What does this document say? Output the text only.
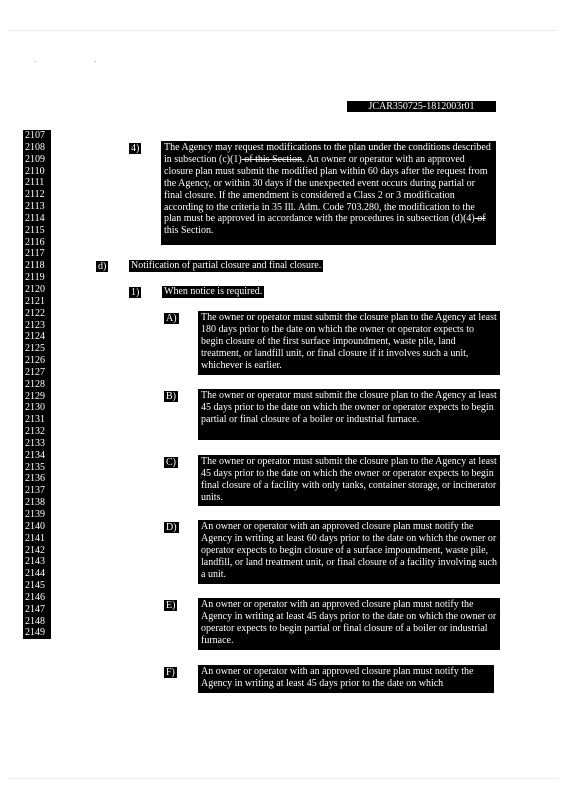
· ·
JCAR350725-1812003r01
2107
2108
2109
2110
2111
2112
2113
2114
2115
2116
2117
2118
2119
2120
2121
2122
2123
2124
2125
2126
2127
2128
2129
2130
2131
2132
2133
2134
2135
2136
2137
2138
2139
2140
2141
2142
2143
2144
2145
2146
2147
2148
2149
4)	The Agency may request modifications to the plan under the conditions described in subsection (c)(1) of this Section. An owner or operator with an approved closure plan must submit the modified plan within 60 days after the request from the Agency, or within 30 days if the unexpected event occurs during partial or final closure. If the amendment is considered a Class 2 or 3 modification according to the criteria in 35 Ill. Adm. Code 703.280, the modification to the plan must be approved in accordance with the procedures in subsection (d)(4) of this Section.
d) Notification of partial closure and final closure.
1) When notice is required.
A)	The owner or operator must submit the closure plan to the Agency at least 180 days prior to the date on which the owner or operator expects to begin closure of the first surface impoundment, waste pile, land treatment, or landfill unit, or final closure if it involves such a unit, whichever is earlier.
B)	The owner or operator must submit the closure plan to the Agency at least 45 days prior to the date on which the owner or operator expects to begin partial or final closure of a boiler or industrial furnace.
C)	The owner or operator must submit the closure plan to the Agency at least 45 days prior to the date on which the owner or operator expects to begin final closure of a facility with only tanks, container storage, or incinerator units.
D)	An owner or operator with an approved closure plan must notify the Agency in writing at least 60 days prior to the date on which the owner or operator expects to begin closure of a surface impoundment, waste pile, landfill, or land treatment unit, or final closure of a facility involving such a unit.
E)	An owner or operator with an approved closure plan must notify the Agency in writing at least 45 days prior to the date on which the owner or operator expects to begin partial or final closure of a boiler or industrial furnace.
F)	An owner or operator with an approved closure plan must notify the Agency in writing at least 45 days prior to the date on which
